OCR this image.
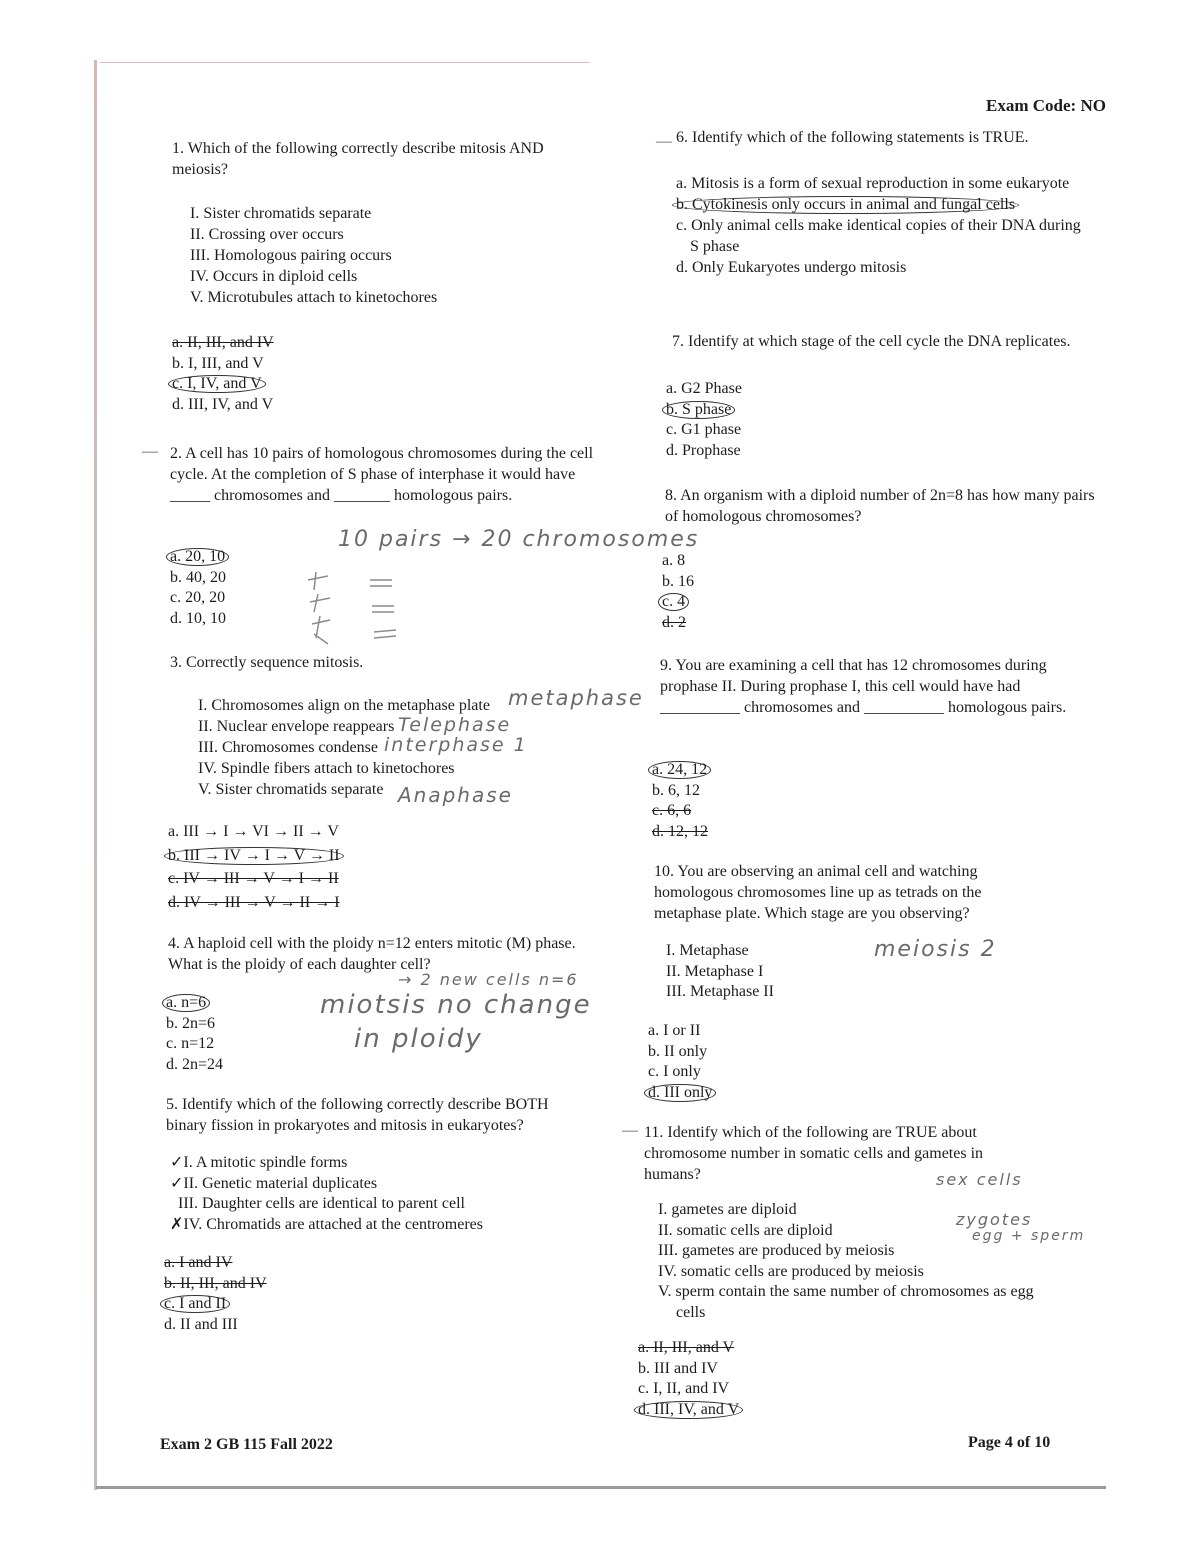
Exam Code: NO
1. Which of the following correctly describe mitosis AND meiosis?
I. Sister chromatids separate
II. Crossing over occurs
III. Homologous pairing occurs
IV. Occurs in diploid cells
V. Microtubules attach to kinetochores
a. II, III, and IV
b. I, III, and V
c. I, IV, and V
d. III, IV, and V
— 2. A cell has 10 pairs of homologous chromosomes during the cell cycle. At the completion of S phase of interphase it would have _____ chromosomes and _______ homologous pairs.
10 pairs → 20 chromosomes
a. 20, 10
b. 40, 20
c. 20, 20
d. 10, 10
3. Correctly sequence mitosis.
I. Chromosomes align on the metaphase plate
II. Nuclear envelope reappears
III. Chromosomes condense
IV. Spindle fibers attach to kinetochores
V. Sister chromatids separate
metaphase
Telephase
interphase 1
Anaphase
a. III → I → VI → II → V
b. III → IV → I → V → II
c. IV → III → V → I → II
d. IV → III → V → II → I
4. A haploid cell with the ploidy n=12 enters mitotic (M) phase. What is the ploidy of each daughter cell?
→ 2 new cells n=6
miotsis no change
in ploidy
a. n=6
b. 2n=6
c. n=12
d. 2n=24
5. Identify which of the following correctly describe BOTH binary fission in prokaryotes and mitosis in eukaryotes?
✓I. A mitotic spindle forms
✓II. Genetic material duplicates
III. Daughter cells are identical to parent cell
✗IV. Chromatids are attached at the centromeres
a. I and IV
b. II, III, and IV
c. I and II
d. II and III
— 6. Identify which of the following statements is TRUE.
a. Mitosis is a form of sexual reproduction in some eukaryote
b. Cytokinesis only occurs in animal and fungal cells
c. Only animal cells make identical copies of their DNA during S phase
d. Only Eukaryotes undergo mitosis
7. Identify at which stage of the cell cycle the DNA replicates.
a. G2 Phase
b. S phase
c. G1 phase
d. Prophase
8. An organism with a diploid number of 2n=8 has how many pairs of homologous chromosomes?
a. 8
b. 16
c. 4
d. 2
9. You are examining a cell that has 12 chromosomes during prophase II. During prophase I, this cell would have had __________ chromosomes and __________ homologous pairs.
a. 24, 12
b. 6, 12
c. 6, 6
d. 12, 12
10. You are observing an animal cell and watching homologous chromosomes line up as tetrads on the metaphase plate. Which stage are you observing?
I. Metaphase
II. Metaphase I
III. Metaphase II
meiosis 2
a. I or II
b. II only
c. I only
d. III only
— 11. Identify which of the following are TRUE about chromosome number in somatic cells and gametes in humans?	sex cells
zygotes
egg + sperm
I. gametes are diploid
II. somatic cells are diploid
III. gametes are produced by meiosis
IV. somatic cells are produced by meiosis
V. sperm contain the same number of chromosomes as egg cells
a. II, III, and V
b. III and IV
c. I, II, and IV
d. III, IV, and V
Exam 2 GB 115 Fall 2022	Page 4 of 10
